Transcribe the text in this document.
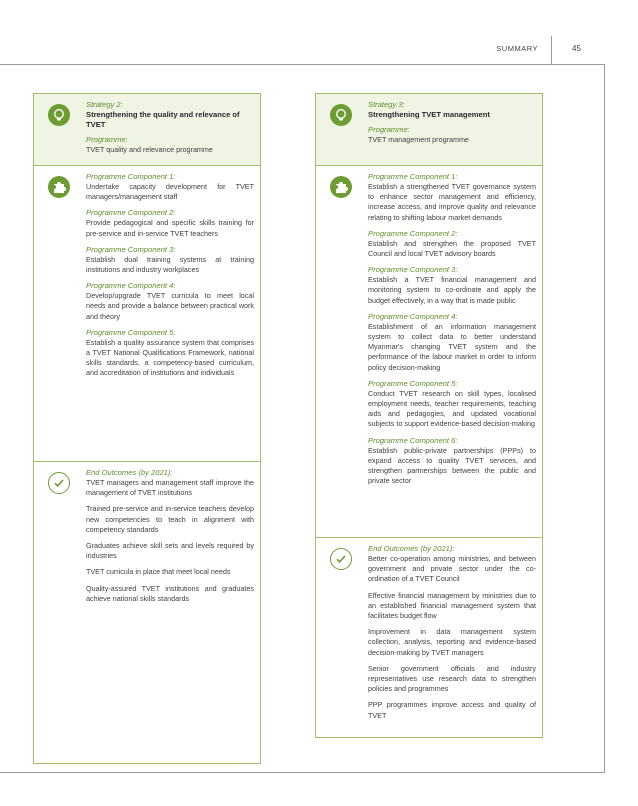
SUMMARY	45
Strategy 2:
Strengthening the quality and relevance of TVET
Programme:
TVET quality and relevance programme
Programme Component 1:
Undertake capacity development for TVET managers/management staff
Programme Component 2:
Provide pedagogical and specific skills training for pre-service and in-service TVET teachers
Programme Component 3:
Establish dual training systems at training institutions and industry workplaces
Programme Component 4:
Develop/upgrade TVET curricula to meet local needs and provide a balance between practical work and theory
Programme Component 5:
Establish a quality assurance system that comprises a TVET National Qualifications Framework, national skills standards, a competency-based curriculum, and accreditation of institutions and individuals
End Outcomes (by 2021):
TVET managers and management staff improve the management of TVET institutions
Trained pre-service and in-service teachers develop new competencies to teach in alignment with competency standards
Graduates achieve skill sets and levels required by industries
TVET curricula in place that meet local needs
Quality-assured TVET institutions and graduates achieve national skills standards
Strategy 3:
Strengthening TVET management
Programme:
TVET management programme
Programme Component 1:
Establish a strengthened TVET governance system to enhance sector management and efficiency, increase access, and improve quality and relevance relating to shifting labour market demands
Programme Component 2:
Establish and strengthen the proposed TVET Council and local TVET advisory boards
Programme Component 3:
Establish a TVET financial management and monitoring system to co-ordinate and apply the budget effectively, in a way that is made public
Programme Component 4:
Establishment of an information management system to collect data to better understand Myanmar's changing TVET system and the performance of the labour market in order to inform policy decision-making
Programme Component 5:
Conduct TVET research on skill types, localised employment needs, teacher requirements, teaching aids and pedagogies, and updated vocational subjects to support evidence-based decision-making
Programme Component 6:
Establish public-private partnerships (PPPs) to expand access to quality TVET services, and strengthen partnerships between the public and private sector
End Outcomes (by 2021):
Better co-operation among ministries, and between government and private sector under the co-ordination of a TVET Council
Effective financial management by ministries due to an established financial management system that facilitates budget flow
Improvement in data management system collection, analysis, reporting and evidence-based decision-making by TVET managers
Senior government officials and industry representatives use research data to strengthen policies and programmes
PPP programmes improve access and quality of TVET
